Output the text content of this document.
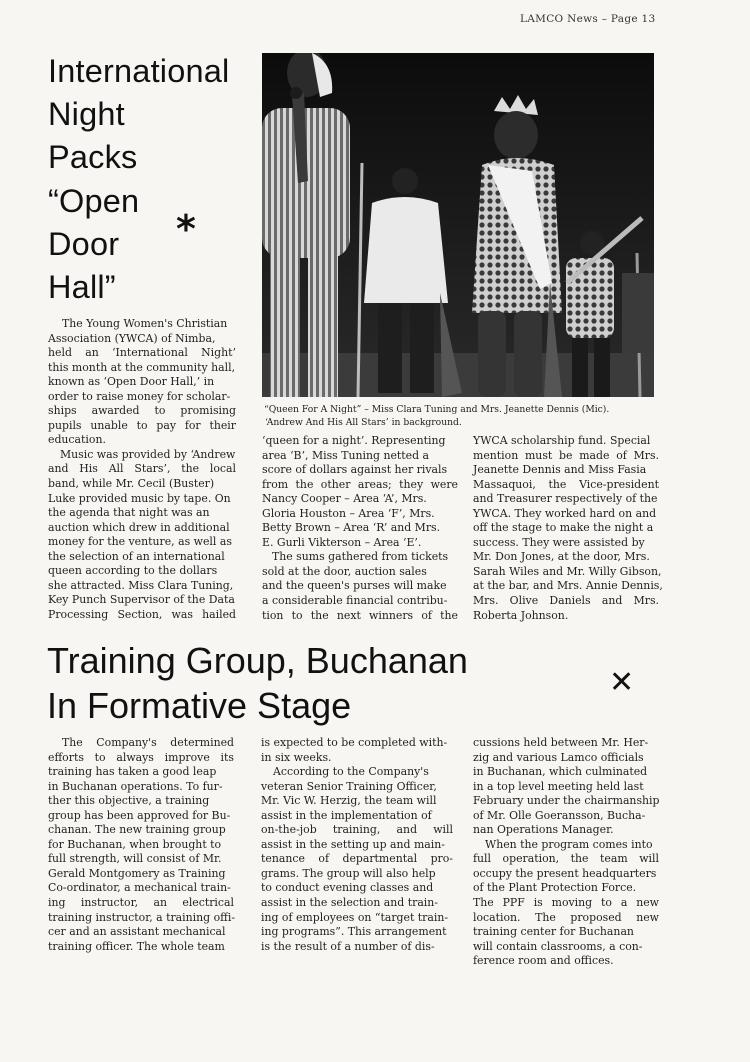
LAMCO News – Page 13
International
Night
Packs
“Open
Door
Hall”
*
“Queen For A Night” – Miss Clara Tuning and Mrs. Jeanette Dennis (Mic).
‘Andrew And His All Stars’ in background.
The Young Women's Christian
Association (YWCA) of Nimba,
held an ‘International Night’
this month at the community hall,
known as ‘Open Door Hall,’ in
order to raise money for scholar-
ships awarded to promising
pupils unable to pay for their
education.
Music was provided by ‘Andrew
and His All Stars’, the local
band, while Mr. Cecil (Buster)
Luke provided music by tape. On
the agenda that night was an
auction which drew in additional
money for the venture, as well as
the selection of an international
queen according to the dollars
she attracted. Miss Clara Tuning,
Key Punch Supervisor of the Data
Processing Section, was hailed
‘queen for a night’. Representing
area ‘B’, Miss Tuning netted a
score of dollars against her rivals
from the other areas; they were
Nancy Cooper – Area ‘A’, Mrs.
Gloria Houston – Area ‘F’, Mrs.
Betty Brown – Area ‘R’ and Mrs.
E. Gurli Vikterson – Area ‘E’.
The sums gathered from tickets
sold at the door, auction sales
and the queen's purses will make
a considerable financial contribu-
tion to the next winners of the
YWCA scholarship fund. Special
mention must be made of Mrs.
Jeanette Dennis and Miss Fasia
Massaquoi, the Vice-president
and Treasurer respectively of the
YWCA. They worked hard on and
off the stage to make the night a
success. They were assisted by
Mr. Don Jones, at the door, Mrs.
Sarah Wiles and Mr. Willy Gibson,
at the bar, and Mrs. Annie Dennis,
Mrs. Olive Daniels and Mrs.
Roberta Johnson.
Training Group, Buchanan
In Formative Stage
✕
The Company's determined
efforts to always improve its
training has taken a good leap
in Buchanan operations. To fur-
ther this objective, a training
group has been approved for Bu-
chanan. The new training group
for Buchanan, when brought to
full strength, will consist of Mr.
Gerald Montgomery as Training
Co-ordinator, a mechanical train-
ing instructor, an electrical
training instructor, a training offi-
cer and an assistant mechanical
training officer. The whole team
is expected to be completed with-
in six weeks.
According to the Company's
veteran Senior Training Officer,
Mr. Vic W. Herzig, the team will
assist in the implementation of
on-the-job training, and will
assist in the setting up and main-
tenance of departmental pro-
grams. The group will also help
to conduct evening classes and
assist in the selection and train-
ing of employees on “target train-
ing programs”. This arrangement
is the result of a number of dis-
cussions held between Mr. Her-
zig and various Lamco officials
in Buchanan, which culminated
in a top level meeting held last
February under the chairmanship
of Mr. Olle Goeransson, Bucha-
nan Operations Manager.
When the program comes into
full operation, the team will
occupy the present headquarters
of the Plant Protection Force.
The PPF is moving to a new
location. The proposed new
training center for Buchanan
will contain classrooms, a con-
ference room and offices.
